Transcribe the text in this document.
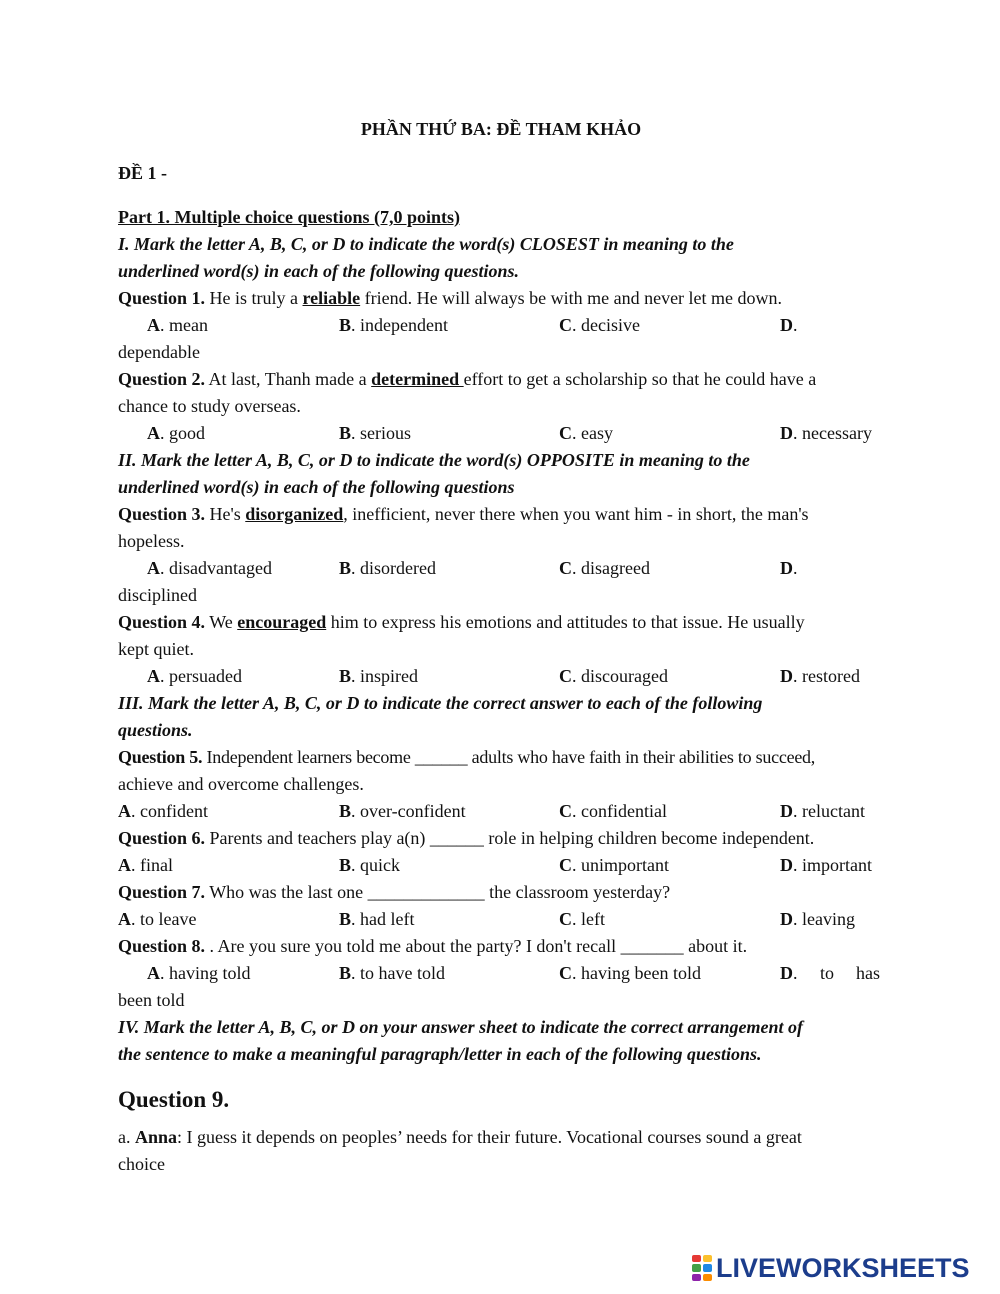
PHẦN THỨ BA: ĐỀ THAM KHẢO
ĐỀ 1 -
Part 1. Multiple choice questions (7,0 points)
I. Mark the letter A, B, C, or D to indicate the word(s) CLOSEST in meaning to the
underlined word(s) in each of the following questions.
Question 1. He is truly a reliable friend. He will always be with me and never let me down.
A. mean	B. independent	C. decisive	D.
dependable
Question 2. At last, Thanh made a determined effort to get a scholarship so that he could have a
chance to study overseas.
A. good	B. serious	C. easy	D. necessary
II. Mark the letter A, B, C, or D to indicate the word(s) OPPOSITE in meaning to the
underlined word(s) in each of the following questions
Question 3. He's disorganized, inefficient, never there when you want him - in short, the man's
hopeless.
A. disadvantaged	B. disordered	C. disagreed	D.
disciplined
Question 4. We encouraged him to express his emotions and attitudes to that issue. He usually
kept quiet.
A. persuaded	B. inspired	C. discouraged	D. restored
III. Mark the letter A, B, C, or D to indicate the correct answer to each of the following
questions.
Question 5. Independent learners become ______ adults who have faith in their abilities to succeed,
achieve and overcome challenges.
A. confident	B. over-confident	C. confidential	D. reluctant
Question 6. Parents and teachers play a(n) ______ role in helping children become independent.
A. final	B. quick	C. unimportant	D. important
Question 7. Who was the last one _____________ the classroom yesterday?
A. to leave	B. had left	C. left	D. leaving
Question 8. . Are you sure you told me about the party? I don't recall _______ about it.
A. having told	B. to have told	C. having been told	D. to has
been told
IV. Mark the letter A, B, C, or D on your answer sheet to indicate the correct arrangement of
the sentence to make a meaningful paragraph/letter in each of the following questions.
Question 9.
a. Anna: I guess it depends on peoples’ needs for their future. Vocational courses sound a great
choice
LIVEWORKSHEETS
